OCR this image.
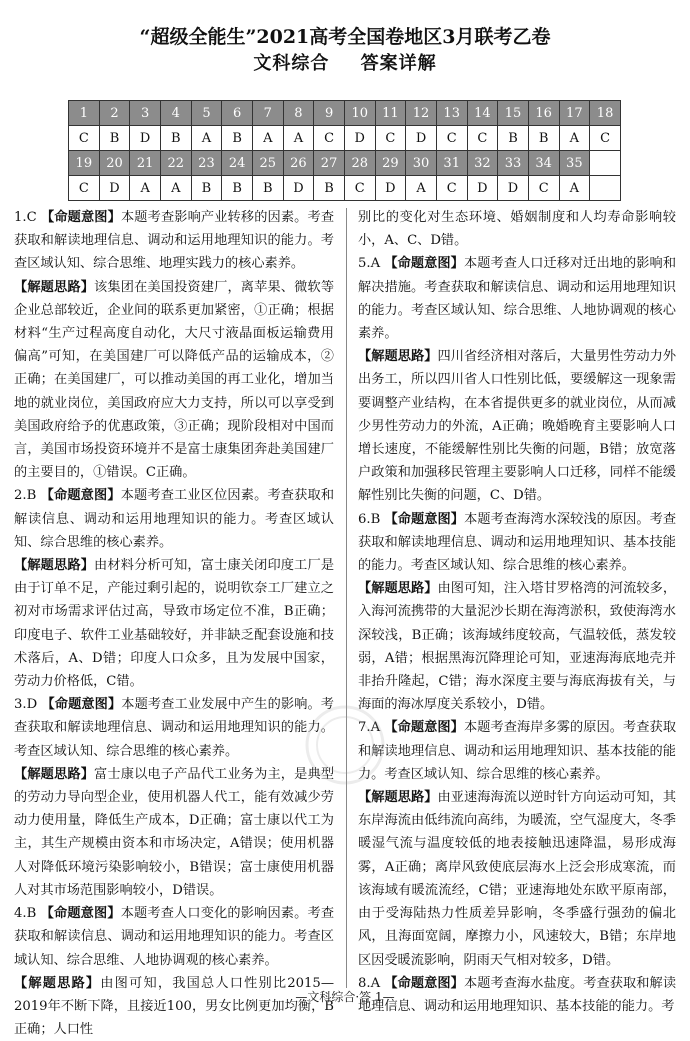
“超级全能生”2021高考全国卷地区3月联考乙卷
文科综合 答案详解
1	2	3	4	5	6	7	8	9	10	11	12	13	14	15	16	17	18
C	B	D	B	A	B	A	A	C	D	C	D	C	C	B	B	A	C
19	20	21	22	23	24	25	26	27	28	29	30	31	32	33	34	35	
C	D	A	A	B	B	B	D	B	C	D	A	C	D	D	C	A	

1.C 【命题意图】本题考查影响产业转移的因素。考查获取和解读地理信息、调动和运用地理知识的能力。考查区域认知、综合思维、地理实践力的核心素养。

【解题思路】该集团在美国投资建厂，离苹果、微软等企业总部较近，企业间的联系更加紧密，①正确；根据材料“生产过程高度自动化，大尺寸液晶面板运输费用偏高”可知，在美国建厂可以降低产品的运输成本，②正确；在美国建厂，可以推动美国的再工业化，增加当地的就业岗位，美国政府应大力支持，所以可以享受到美国政府给予的优惠政策，③正确；现阶段相对中国而言，美国市场投资环境并不是富士康集团奔赴美国建厂的主要目的，①错误。C正确。

2.B 【命题意图】本题考查工业区位因素。考查获取和解读信息、调动和运用地理知识的能力。考查区域认知、综合思维的核心素养。

【解题思路】由材料分析可知，富士康关闭印度工厂是由于订单不足，产能过剩引起的，说明钦奈工厂建立之初对市场需求评估过高，导致市场定位不准，B正确；印度电子、软件工业基础较好，并非缺乏配套设施和技术落后，A、D错；印度人口众多，且为发展中国家，劳动力价格低，C错。

3.D 【命题意图】本题考查工业发展中产生的影响。考查获取和解读地理信息、调动和运用地理知识的能力。考查区域认知、综合思维的核心素养。

【解题思路】富士康以电子产品代工业务为主，是典型的劳动力导向型企业，使用机器人代工，能有效减少劳动力使用量，降低生产成本，D正确；富士康以代工为主，其生产规模由资本和市场决定，A错误；使用机器人对降低环境污染影响较小，B错误；富士康使用机器人对其市场范围影响较小，D错误。

4.B 【命题意图】本题考查人口变化的影响因素。考查获取和解读信息、调动和运用地理知识的能力。考查区域认知、综合思维、人地协调观的核心素养。

【解题思路】由图可知，我国总人口性别比2015—2019年不断下降，且接近100，男女比例更加均衡，B正确；人口性

别比的变化对生态环境、婚姻制度和人均寿命影响较小，A、C、D错。

5.A 【命题意图】本题考查人口迁移对迁出地的影响和解决措施。考查获取和解读信息、调动和运用地理知识的能力。考查区域认知、综合思维、人地协调观的核心素养。

【解题思路】四川省经济相对落后，大量男性劳动力外出务工，所以四川省人口性别比低，要缓解这一现象需要调整产业结构，在本省提供更多的就业岗位，从而减少男性劳动力的外流，A正确；晚婚晚育主要影响人口增长速度，不能缓解性别比失衡的问题，B错；放宽落户政策和加强移民管理主要影响人口迁移，同样不能缓解性别比失衡的问题，C、D错。

6.B 【命题意图】本题考查海湾水深较浅的原因。考查获取和解读地理信息、调动和运用地理知识、基本技能的能力。考查区域认知、综合思维的核心素养。

【解题思路】由图可知，注入塔甘罗格湾的河流较多，入海河流携带的大量泥沙长期在海湾淤积，致使海湾水深较浅，B正确；该海域纬度较高，气温较低，蒸发较弱，A错；根据黑海沉降理论可知，亚速海海底地壳并非抬升隆起，C错；海水深度主要与海底海拔有关，与海面的海冰厚度关系较小，D错。

7.A 【命题意图】本题考查海岸多雾的原因。考查获取和解读地理信息、调动和运用地理知识、基本技能的能力。考查区域认知、综合思维的核心素养。

【解题思路】由亚速海海流以逆时针方向运动可知，其东岸海流由低纬流向高纬，为暖流，空气湿度大，冬季暖湿气流与温度较低的地表接触迅速降温，易形成海雾，A正确；离岸风致使底层海水上泛会形成寒流，而该海域有暖流流经，C错；亚速海地处东欧平原南部，由于受海陆热力性质差异影响，冬季盛行强劲的偏北风，且海面宽阔，摩擦力小，风速较大，B错；东岸地区因受暖流影响，阴雨天气相对较多，D错。

8.A 【命题意图】本题考查海水盐度。考查获取和解读地理信息、调动和运用地理知识、基本技能的能力。考

—文科综合·答 1—
